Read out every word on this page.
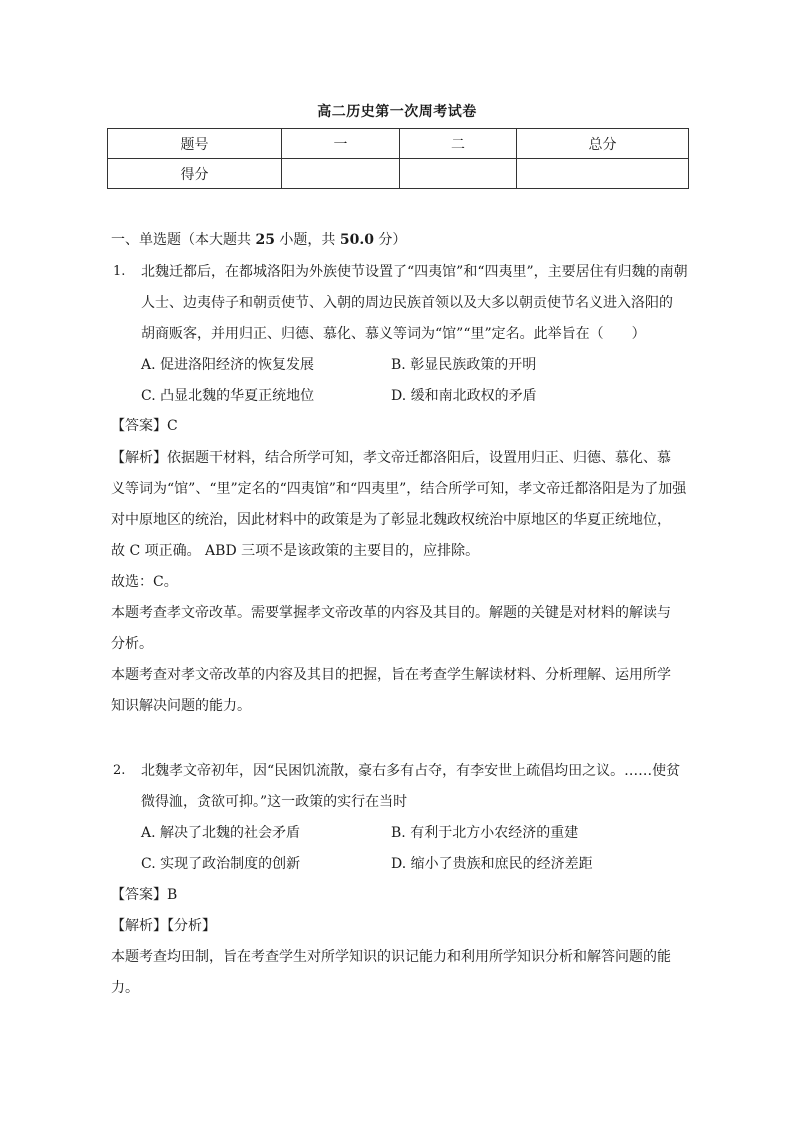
高二历史第一次周考试卷
题号	一	二	总分
得分			
一、单选题（本大题共 25 小题，共 50.0 分）
1. 北魏迁都后，在都城洛阳为外族使节设置了“四夷馆”和“四夷里”，主要居住有归魏的南朝
人士、边夷侍子和朝贡使节、入朝的周边民族首领以及大多以朝贡使节名义进入洛阳的
胡商贩客，并用归正、归德、慕化、慕义等词为“馆”“里”定名。此举旨在（　　）
A. 促进洛阳经济的恢复发展	B. 彰显民族政策的开明
C. 凸显北魏的华夏正统地位	D. 缓和南北政权的矛盾
【答案】C
【解析】依据题干材料，结合所学可知，孝文帝迁都洛阳后，设置用归正、归德、慕化、慕
义等词为“馆”、“里”定名的“四夷馆”和“四夷里”，结合所学可知，孝文帝迁都洛阳是为了加强
对中原地区的统治，因此材料中的政策是为了彰显北魏政权统治中原地区的华夏正统地位，
故 C 项正确。 ABD 三项不是该政策的主要目的，应排除。
故选：C。
本题考查孝文帝改革。需要掌握孝文帝改革的内容及其目的。解题的关键是对材料的解读与
分析。
本题考查对孝文帝改革的内容及其目的把握，旨在考查学生解读材料、分析理解、运用所学
知识解决问题的能力。
2. 北魏孝文帝初年，因“民困饥流散，豪右多有占夺，有李安世上疏倡均田之议。……使贫
微得洫，贪欲可抑。”这一政策的实行在当时
A. 解决了北魏的社会矛盾	B. 有利于北方小农经济的重建
C. 实现了政治制度的创新	D. 缩小了贵族和庶民的经济差距
【答案】B
【解析】【分析】
本题考查均田制，旨在考查学生对所学知识的识记能力和利用所学知识分析和解答问题的能
力。
